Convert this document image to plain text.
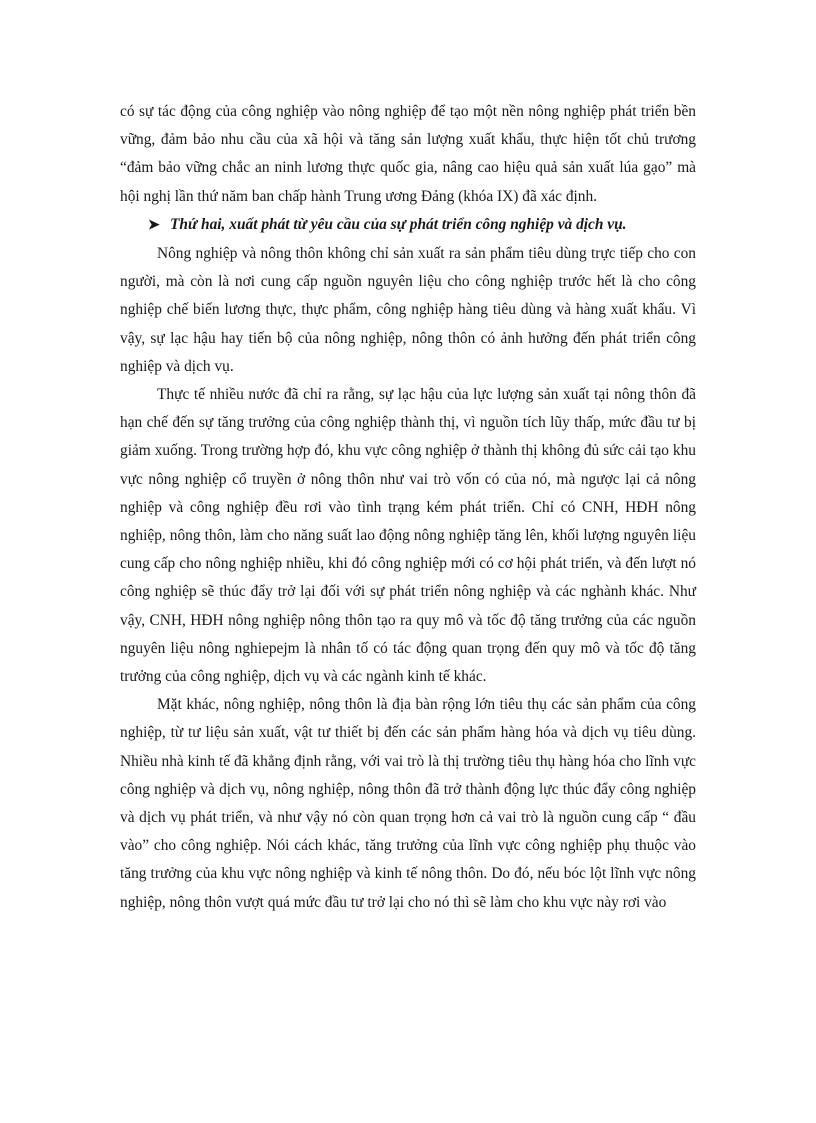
có sự tác động của công nghiệp vào nông nghiệp để tạo một nền nông nghiệp phát triển bền vững, đảm bảo nhu cầu của xã hội và tăng sản lượng xuất khẩu, thực hiện tốt chủ trương “đảm bảo vững chắc an ninh lương thực quốc gia, nâng cao hiệu quả sản xuất lúa gạo” mà hội nghị lần thứ năm ban chấp hành Trung ương Đảng (khóa IX) đã xác định.

➤ Thứ hai, xuất phát từ yêu cầu của sự phát triển công nghiệp và dịch vụ.

Nông nghiệp và nông thôn không chỉ sản xuất ra sản phẩm tiêu dùng trực tiếp cho con người, mà còn là nơi cung cấp nguồn nguyên liệu cho công nghiệp trước hết là cho công nghiệp chế biến lương thực, thực phẩm, công nghiệp hàng tiêu dùng và hàng xuất khẩu. Vì vậy, sự lạc hậu hay tiến bộ của nông nghiệp, nông thôn có ảnh hưởng đến phát triển công nghiệp và dịch vụ.

Thực tế nhiều nước đã chỉ ra rằng, sự lạc hậu của lực lượng sản xuất tại nông thôn đã hạn chế đến sự tăng trưởng của công nghiệp thành thị, vì nguồn tích lũy thấp, mức đầu tư bị giảm xuống. Trong trường hợp đó, khu vực công nghiệp ở thành thị không đủ sức cải tạo khu vực nông nghiệp cổ truyền ở nông thôn như vai trò vốn có của nó, mà ngược lại cả nông nghiệp và công nghiệp đều rơi vào tình trạng kém phát triển. Chỉ có CNH, HĐH nông nghiệp, nông thôn, làm cho năng suất lao động nông nghiệp tăng lên, khối lượng nguyên liệu cung cấp cho nông nghiệp nhiều, khi đó công nghiệp mới có cơ hội phát triển, và đến lượt nó công nghiệp sẽ thúc đẩy trở lại đối với sự phát triển nông nghiệp và các nghành khác. Như vậy, CNH, HĐH nông nghiệp nông thôn tạo ra quy mô và tốc độ tăng trưởng của các nguồn nguyên liệu nông nghiepejm là nhân tố có tác động quan trọng đến quy mô và tốc độ tăng trưởng của công nghiệp, dịch vụ và các ngành kinh tế khác.

Mặt khác, nông nghiệp, nông thôn là địa bàn rộng lớn tiêu thụ các sản phẩm của công nghiệp, từ tư liệu sản xuất, vật tư thiết bị đến các sản phẩm hàng hóa và dịch vụ tiêu dùng. Nhiều nhà kinh tế đã khẳng định rằng, với vai trò là thị trường tiêu thụ hàng hóa cho lĩnh vực công nghiệp và dịch vụ, nông nghiệp, nông thôn đã trở thành động lực thúc đẩy công nghiệp và dịch vụ phát triển, và như vậy nó còn quan trọng hơn cả vai trò là nguồn cung cấp “ đầu vào” cho công nghiệp. Nói cách khác, tăng trưởng của lĩnh vực công nghiệp phụ thuộc vào tăng trưởng của khu vực nông nghiệp và kinh tế nông thôn. Do đó, nếu bóc lột lĩnh vực nông nghiệp, nông thôn vượt quá mức đầu tư trở lại cho nó thì sẽ làm cho khu vực này rơi vào
